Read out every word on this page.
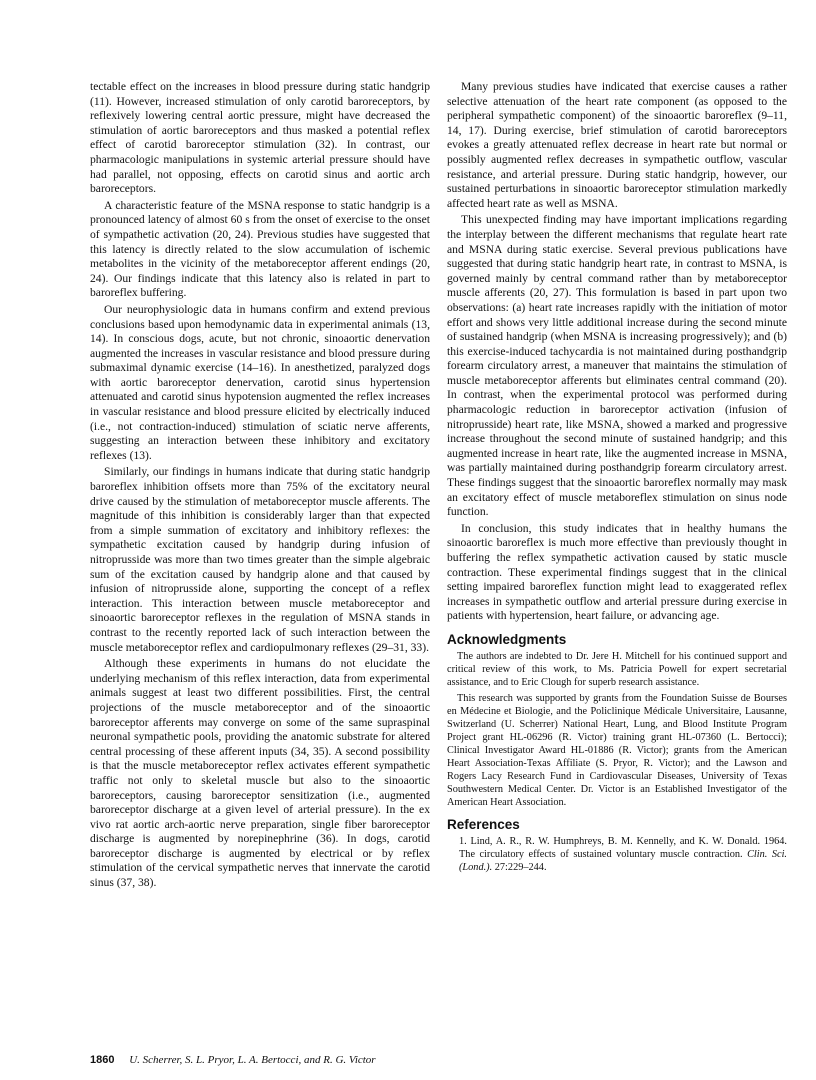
tectable effect on the increases in blood pressure during static handgrip (11). However, increased stimulation of only carotid baroreceptors, by reflexively lowering central aortic pressure, might have decreased the stimulation of aortic baroreceptors and thus masked a potential reflex effect of carotid baroreceptor stimulation (32). In contrast, our pharmacologic manipulations in systemic arterial pressure should have had parallel, not opposing, effects on carotid sinus and aortic arch baroreceptors.

A characteristic feature of the MSNA response to static handgrip is a pronounced latency of almost 60 s from the onset of exercise to the onset of sympathetic activation (20, 24). Previous studies have suggested that this latency is directly related to the slow accumulation of ischemic metabolites in the vicinity of the metaboreceptor afferent endings (20, 24). Our findings indicate that this latency also is related in part to baroreflex buffering.

Our neurophysiologic data in humans confirm and extend previous conclusions based upon hemodynamic data in experimental animals (13, 14). In conscious dogs, acute, but not chronic, sinoaortic denervation augmented the increases in vascular resistance and blood pressure during submaximal dynamic exercise (14–16). In anesthetized, paralyzed dogs with aortic baroreceptor denervation, carotid sinus hypertension attenuated and carotid sinus hypotension augmented the reflex increases in vascular resistance and blood pressure elicited by electrically induced (i.e., not contraction-induced) stimulation of sciatic nerve afferents, suggesting an interaction between these inhibitory and excitatory reflexes (13).

Similarly, our findings in humans indicate that during static handgrip baroreflex inhibition offsets more than 75% of the excitatory neural drive caused by the stimulation of metaboreceptor muscle afferents. The magnitude of this inhibition is considerably larger than that expected from a simple summation of excitatory and inhibitory reflexes: the sympathetic excitation caused by handgrip during infusion of nitroprusside was more than two times greater than the simple algebraic sum of the excitation caused by handgrip alone and that caused by infusion of nitroprusside alone, supporting the concept of a reflex interaction. This interaction between muscle metaboreceptor and sinoaortic baroreceptor reflexes in the regulation of MSNA stands in contrast to the recently reported lack of such interaction between the muscle metaboreceptor reflex and cardiopulmonary reflexes (29–31, 33).

Although these experiments in humans do not elucidate the underlying mechanism of this reflex interaction, data from experimental animals suggest at least two different possibilities. First, the central projections of the muscle metaboreceptor and of the sinoaortic baroreceptor afferents may converge on some of the same supraspinal neuronal sympathetic pools, providing the anatomic substrate for altered central processing of these afferent inputs (34, 35). A second possibility is that the muscle metaboreceptor reflex activates efferent sympathetic traffic not only to skeletal muscle but also to the sinoaortic baroreceptors, causing baroreceptor sensitization (i.e., augmented baroreceptor discharge at a given level of arterial pressure). In the ex vivo rat aortic arch-aortic nerve preparation, single fiber baroreceptor discharge is augmented by norepinephrine (36). In dogs, carotid baroreceptor discharge is augmented by electrical or by reflex stimulation of the cervical sympathetic nerves that innervate the carotid sinus (37, 38).

Many previous studies have indicated that exercise causes a rather selective attenuation of the heart rate component (as opposed to the peripheral sympathetic component) of the sinoaortic baroreflex (9–11, 14, 17). During exercise, brief stimulation of carotid baroreceptors evokes a greatly attenuated reflex decrease in heart rate but normal or possibly augmented reflex decreases in sympathetic outflow, vascular resistance, and arterial pressure. During static handgrip, however, our sustained perturbations in sinoaortic baroreceptor stimulation markedly affected heart rate as well as MSNA.

This unexpected finding may have important implications regarding the interplay between the different mechanisms that regulate heart rate and MSNA during static exercise. Several previous publications have suggested that during static handgrip heart rate, in contrast to MSNA, is governed mainly by central command rather than by metaboreceptor muscle afferents (20, 27). This formulation is based in part upon two observations: (a) heart rate increases rapidly with the initiation of motor effort and shows very little additional increase during the second minute of sustained handgrip (when MSNA is increasing progressively); and (b) this exercise-induced tachycardia is not maintained during posthandgrip forearm circulatory arrest, a maneuver that maintains the stimulation of muscle metaboreceptor afferents but eliminates central command (20). In contrast, when the experimental protocol was performed during pharmacologic reduction in baroreceptor activation (infusion of nitroprusside) heart rate, like MSNA, showed a marked and progressive increase throughout the second minute of sustained handgrip; and this augmented increase in heart rate, like the augmented increase in MSNA, was partially maintained during posthandgrip forearm circulatory arrest. These findings suggest that the sinoaortic baroreflex normally may mask an excitatory effect of muscle metaboreflex stimulation on sinus node function.

In conclusion, this study indicates that in healthy humans the sinoaortic baroreflex is much more effective than previously thought in buffering the reflex sympathetic activation caused by static muscle contraction. These experimental findings suggest that in the clinical setting impaired baroreflex function might lead to exaggerated reflex increases in sympathetic outflow and arterial pressure during exercise in patients with hypertension, heart failure, or advancing age.

Acknowledgments

The authors are indebted to Dr. Jere H. Mitchell for his continued support and critical review of this work, to Ms. Patricia Powell for expert secretarial assistance, and to Eric Clough for superb research assistance.

This research was supported by grants from the Foundation Suisse de Bourses en Médecine et Biologie, and the Policlinique Médicale Universitaire, Lausanne, Switzerland (U. Scherrer) National Heart, Lung, and Blood Institute Program Project grant HL-06296 (R. Victor) training grant HL-07360 (L. Bertocci); Clinical Investigator Award HL-01886 (R. Victor); grants from the American Heart Association-Texas Affiliate (S. Pryor, R. Victor); and the Lawson and Rogers Lacy Research Fund in Cardiovascular Diseases, University of Texas Southwestern Medical Center. Dr. Victor is an Established Investigator of the American Heart Association.

References

1. Lind, A. R., R. W. Humphreys, B. M. Kennelly, and K. W. Donald. 1964. The circulatory effects of sustained voluntary muscle contraction. Clin. Sci. (Lond.). 27:229–244.

1860 U. Scherrer, S. L. Pryor, L. A. Bertocci, and R. G. Victor
